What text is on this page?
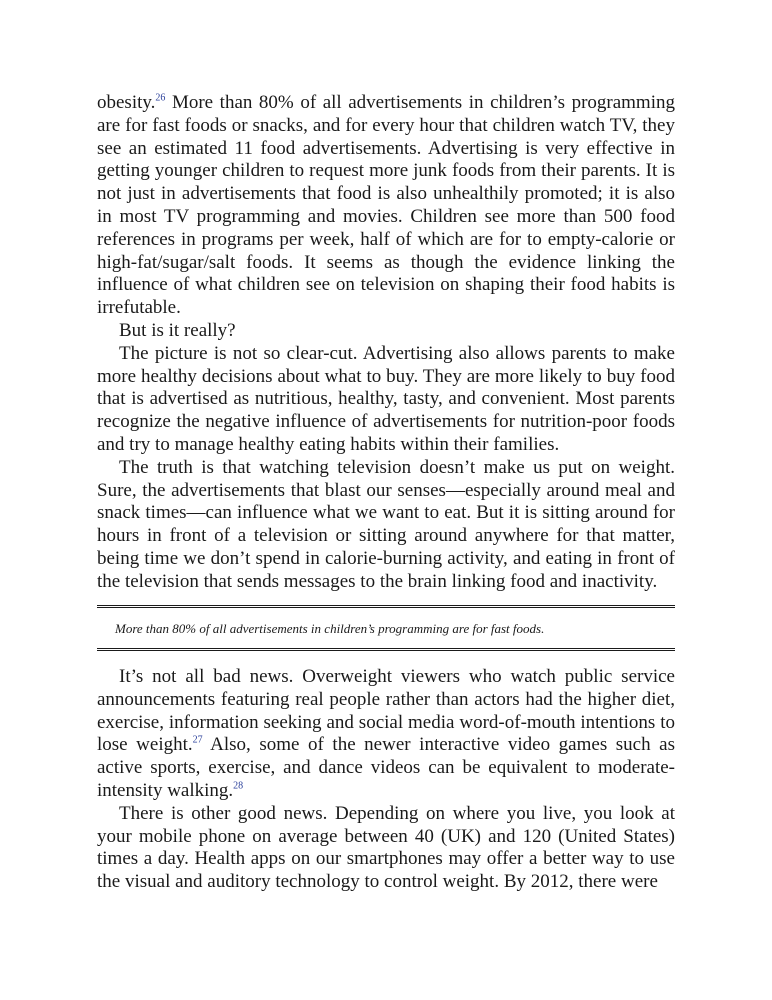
obesity.$^{26}$ More than 80% of all advertisements in children’s programming are for fast foods or snacks, and for every hour that children watch TV, they see an estimated 11 food advertisements. Advertising is very effective in getting younger children to request more junk foods from their parents. It is not just in advertisements that food is also unhealthily promoted; it is also in most TV programming and movies. Children see more than 500 food references in programs per week, half of which are for to empty-calorie or high-fat/sugar/salt foods. It seems as though the evidence linking the influence of what children see on television on shaping their food habits is irrefutable.

But is it really?

The picture is not so clear-cut. Advertising also allows parents to make more healthy decisions about what to buy. They are more likely to buy food that is advertised as nutritious, healthy, tasty, and convenient. Most parents recognize the negative influence of advertisements for nutrition-poor foods and try to manage healthy eating habits within their families.

The truth is that watching television doesn’t make us put on weight. Sure, the advertisements that blast our senses—especially around meal and snack times—can influence what we want to eat. But it is sitting around for hours in front of a television or sitting around anywhere for that matter, being time we don’t spend in calorie-burning activity, and eating in front of the television that sends messages to the brain linking food and inactivity.

More than 80% of all advertisements in children’s programming are for fast foods.

It’s not all bad news. Overweight viewers who watch public service announcements featuring real people rather than actors had the higher diet, exercise, information seeking and social media word-of-mouth intentions to lose weight.$^{27}$ Also, some of the newer interactive video games such as active sports, exercise, and dance videos can be equivalent to moderate-intensity walking.$^{28}$

There is other good news. Depending on where you live, you look at your mobile phone on average between 40 (UK) and 120 (United States) times a day. Health apps on our smartphones may offer a better way to use the visual and auditory technology to control weight. By 2012, there were
